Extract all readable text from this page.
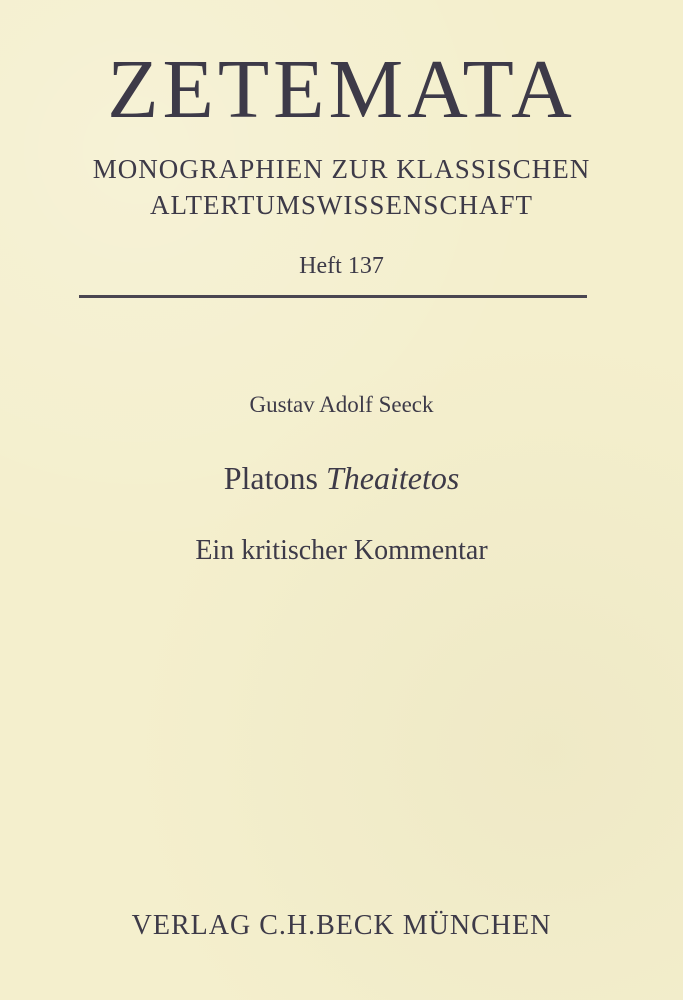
ZETEMATA
MONOGRAPHIEN ZUR KLASSISCHEN
ALTERTUMSWISSENSCHAFT
Heft 137
Gustav Adolf Seeck
Platons Theaitetos
Ein kritischer Kommentar
VERLAG C.H.BECK MÜNCHEN
